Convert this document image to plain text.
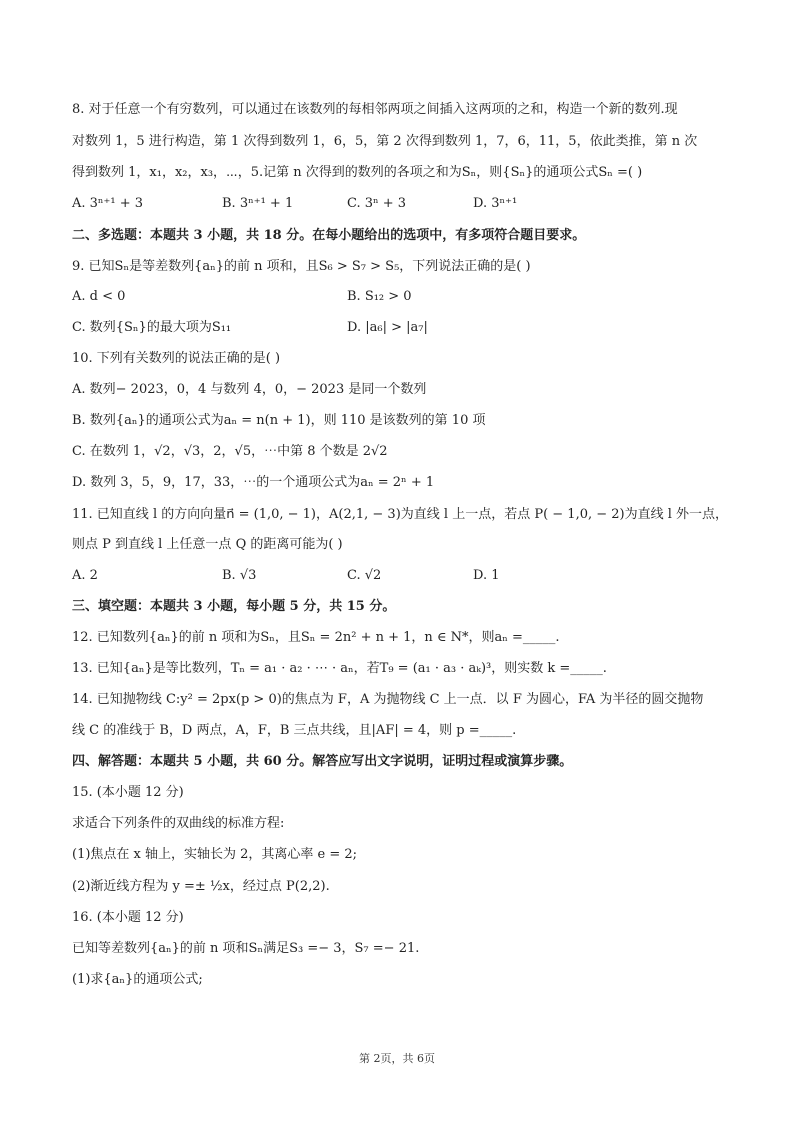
8. 对于任意一个有穷数列，可以通过在该数列的每相邻两项之间插入这两项的之和，构造一个新的数列.现
对数列 1，5 进行构造，第 1 次得到数列 1，6，5，第 2 次得到数列 1，7，6，11，5，依此类推，第 n 次
得到数列 1，x₁，x₂，x₃，⋯，5.记第 n 次得到的数列的各项之和为Sₙ，则{Sₙ}的通项公式Sₙ =( )
A. 3ⁿ⁺¹ + 3	B. 3ⁿ⁺¹ + 1	C. 3ⁿ + 3	D. 3ⁿ⁺¹
二、多选题：本题共 3 小题，共 18 分。在每小题给出的选项中，有多项符合题目要求。
9. 已知Sₙ是等差数列{aₙ}的前 n 项和，且S₆ > S₇ > S₅，下列说法正确的是( )
A. d < 0	B. S₁₂ > 0
C. 数列{Sₙ}的最大项为S₁₁	D. |a₆| > |a₇|
10. 下列有关数列的说法正确的是( )
A. 数列− 2023，0，4 与数列 4，0，− 2023 是同一个数列
B. 数列{aₙ}的通项公式为aₙ = n(n + 1)，则 110 是该数列的第 10 项
C. 在数列 1，√2，√3，2，√5，⋯中第 8 个数是 2√2
D. 数列 3，5，9，17，33，⋯的一个通项公式为aₙ = 2ⁿ + 1
11. 已知直线 l 的方向向量n⃗ = (1,0, − 1)，A(2,1, − 3)为直线 l 上一点，若点 P( − 1,0, − 2)为直线 l 外一点，
则点 P 到直线 l 上任意一点 Q 的距离可能为( )
A. 2	B. √3	C. √2	D. 1
三、填空题：本题共 3 小题，每小题 5 分，共 15 分。
12. 已知数列{aₙ}的前 n 项和为Sₙ，且Sₙ = 2n² + n + 1，n ∈ N*，则aₙ =_____.
13. 已知{aₙ}是等比数列，Tₙ = a₁ · a₂ · ⋯ · aₙ，若T₉ = (a₁ · a₃ · aₖ)³，则实数 k =_____.
14. 已知抛物线 C:y² = 2px(p > 0)的焦点为 F，A 为抛物线 C 上一点．以 F 为圆心，FA 为半径的圆交抛物
线 C 的准线于 B，D 两点，A，F，B 三点共线，且|AF| = 4，则 p =_____.
四、解答题：本题共 5 小题，共 60 分。解答应写出文字说明，证明过程或演算步骤。
15. (本小题 12 分)
求适合下列条件的双曲线的标准方程:
(1)焦点在 x 轴上，实轴长为 2，其离心率 e = 2;
(2)渐近线方程为 y =± ½x，经过点 P(2,2).
16. (本小题 12 分)
已知等差数列{aₙ}的前 n 项和Sₙ满足S₃ =− 3，S₇ =− 21.
(1)求{aₙ}的通项公式;
第 2页，共 6页
